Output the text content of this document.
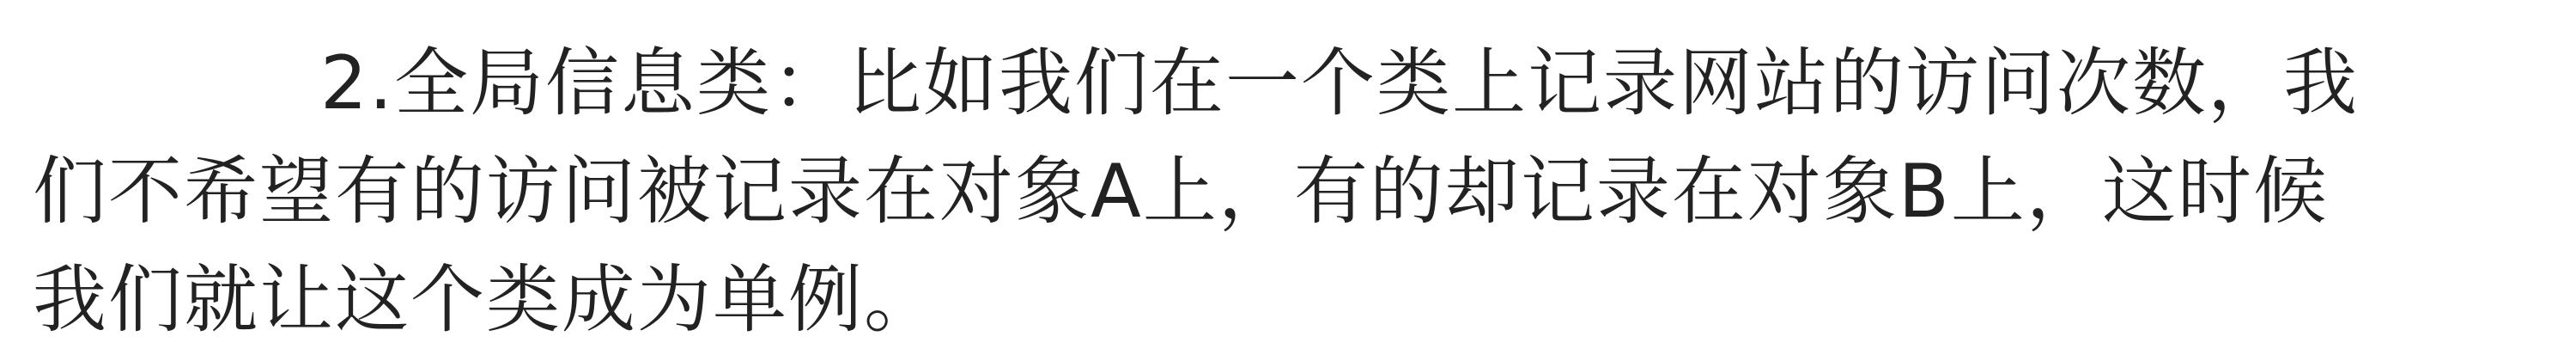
2.全局信息类：比如我们在一个类上记录网站的访问次数，我
们不希望有的访问被记录在对象A上，有的却记录在对象B上，这时候
我们就让这个类成为单例。
